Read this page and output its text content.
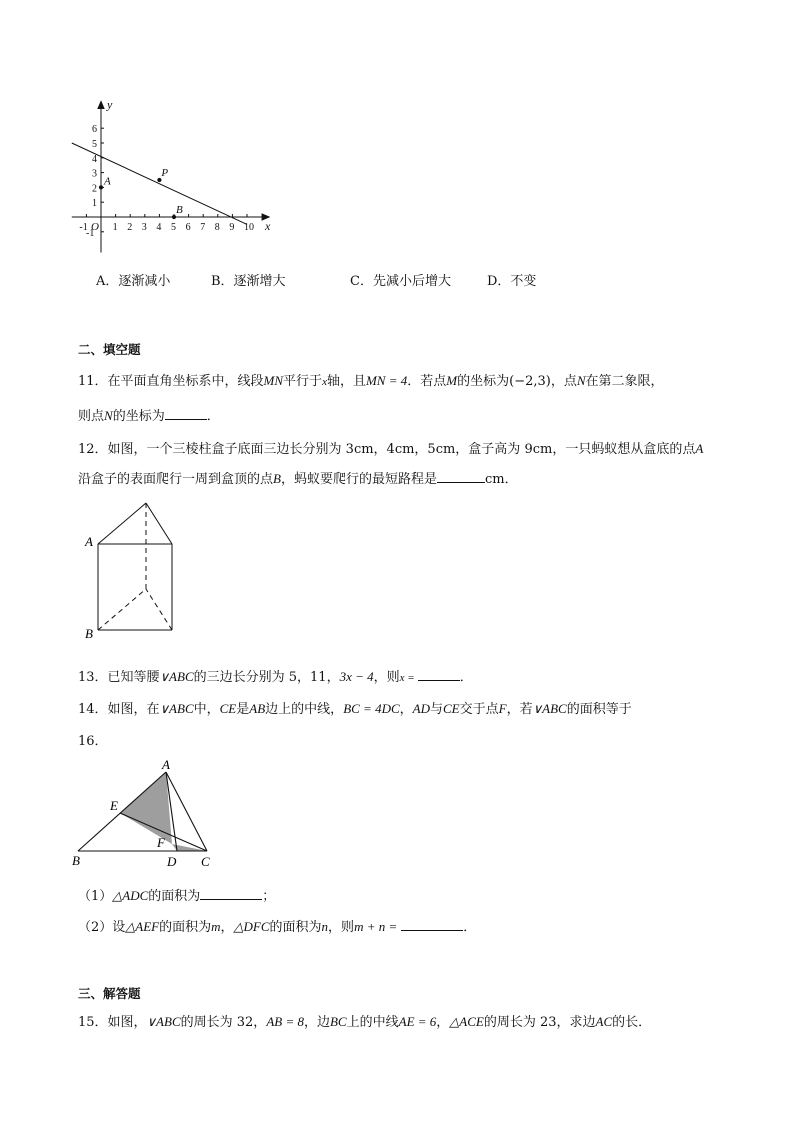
x
y
O
-1 1 2 3 4 5 6 7 8 9 10
-1
1
2
3
4
5
6
A
P
B
A．逐渐减小	B．逐渐增大	C．先减小后增大	D．不变
二、填空题
11．在平面直角坐标系中，线段MN平行于x轴，且MN = 4．若点M的坐标为(−2,3)，点N在第二象限，
则点N的坐标为	．
12．如图，一个三棱柱盒子底面三边长分别为 3cm，4cm，5cm，盒子高为 9cm，一只蚂蚁想从盒底的点A
沿盒子的表面爬行一周到盒顶的点B，蚂蚁要爬行的最短路程是	cm．
A
B
13．已知等腰∨ABC的三边长分别为 5，11，3x − 4，则x =	．
14．如图，在∨ABC中，CE是AB边上的中线，BC = 4DC，AD与CE交于点F，若∨ABC的面积等于
16．
A
B	C
D
E
F
（1）△ADC的面积为	；
（2）设△AEF的面积为m，△DFC的面积为n，则m + n =	．
三、解答题
15．如图，∨ABC的周长为 32，AB = 8，边BC上的中线AE = 6，△ACE的周长为 23，求边AC的长．
